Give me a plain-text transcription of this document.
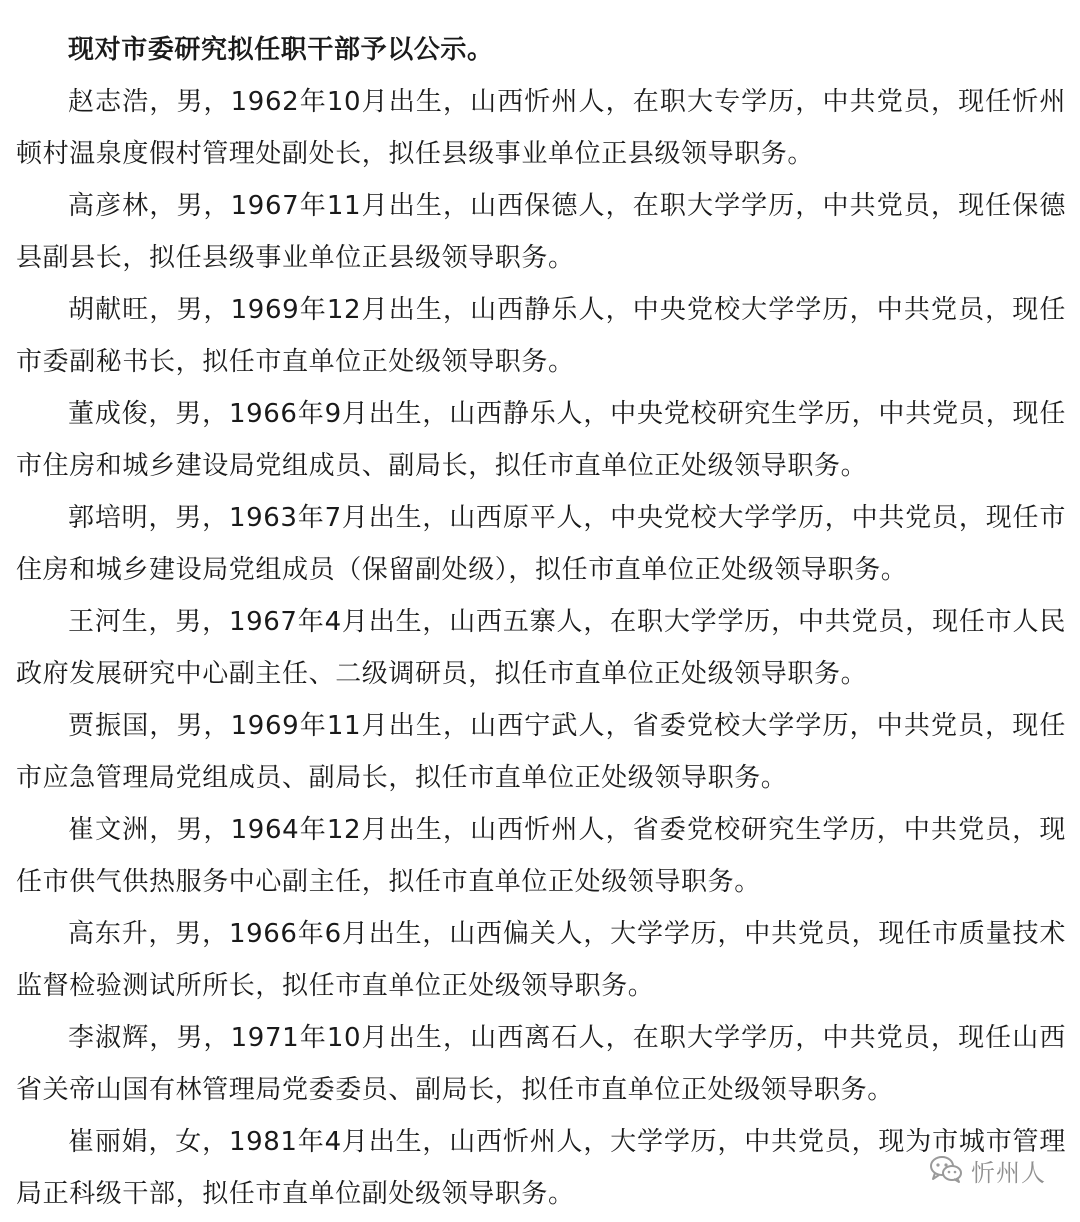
现对市委研究拟任职干部予以公示。

赵志浩，男，1962年10月出生，山西忻州人，在职大专学历，中共党员，现任忻州顿村温泉度假村管理处副处长，拟任县级事业单位正县级领导职务。

高彦林，男，1967年11月出生，山西保德人，在职大学学历，中共党员，现任保德县副县长，拟任县级事业单位正县级领导职务。

胡献旺，男，1969年12月出生，山西静乐人，中央党校大学学历，中共党员，现任市委副秘书长，拟任市直单位正处级领导职务。

董成俊，男，1966年9月出生，山西静乐人，中央党校研究生学历，中共党员，现任市住房和城乡建设局党组成员、副局长，拟任市直单位正处级领导职务。

郭培明，男，1963年7月出生，山西原平人，中央党校大学学历，中共党员，现任市住房和城乡建设局党组成员（保留副处级），拟任市直单位正处级领导职务。

王河生，男，1967年4月出生，山西五寨人，在职大学学历，中共党员，现任市人民政府发展研究中心副主任、二级调研员，拟任市直单位正处级领导职务。

贾振国，男，1969年11月出生，山西宁武人，省委党校大学学历，中共党员，现任市应急管理局党组成员、副局长，拟任市直单位正处级领导职务。

崔文洲，男，1964年12月出生，山西忻州人，省委党校研究生学历，中共党员，现任市供气供热服务中心副主任，拟任市直单位正处级领导职务。

高东升，男，1966年6月出生，山西偏关人，大学学历，中共党员，现任市质量技术监督检验测试所所长，拟任市直单位正处级领导职务。

李淑辉，男，1971年10月出生，山西离石人，在职大学学历，中共党员，现任山西省关帝山国有林管理局党委委员、副局长，拟任市直单位正处级领导职务。

崔丽娟，女，1981年4月出生，山西忻州人，大学学历，中共党员，现为市城市管理局正科级干部，拟任市直单位副处级领导职务。

忻州人
